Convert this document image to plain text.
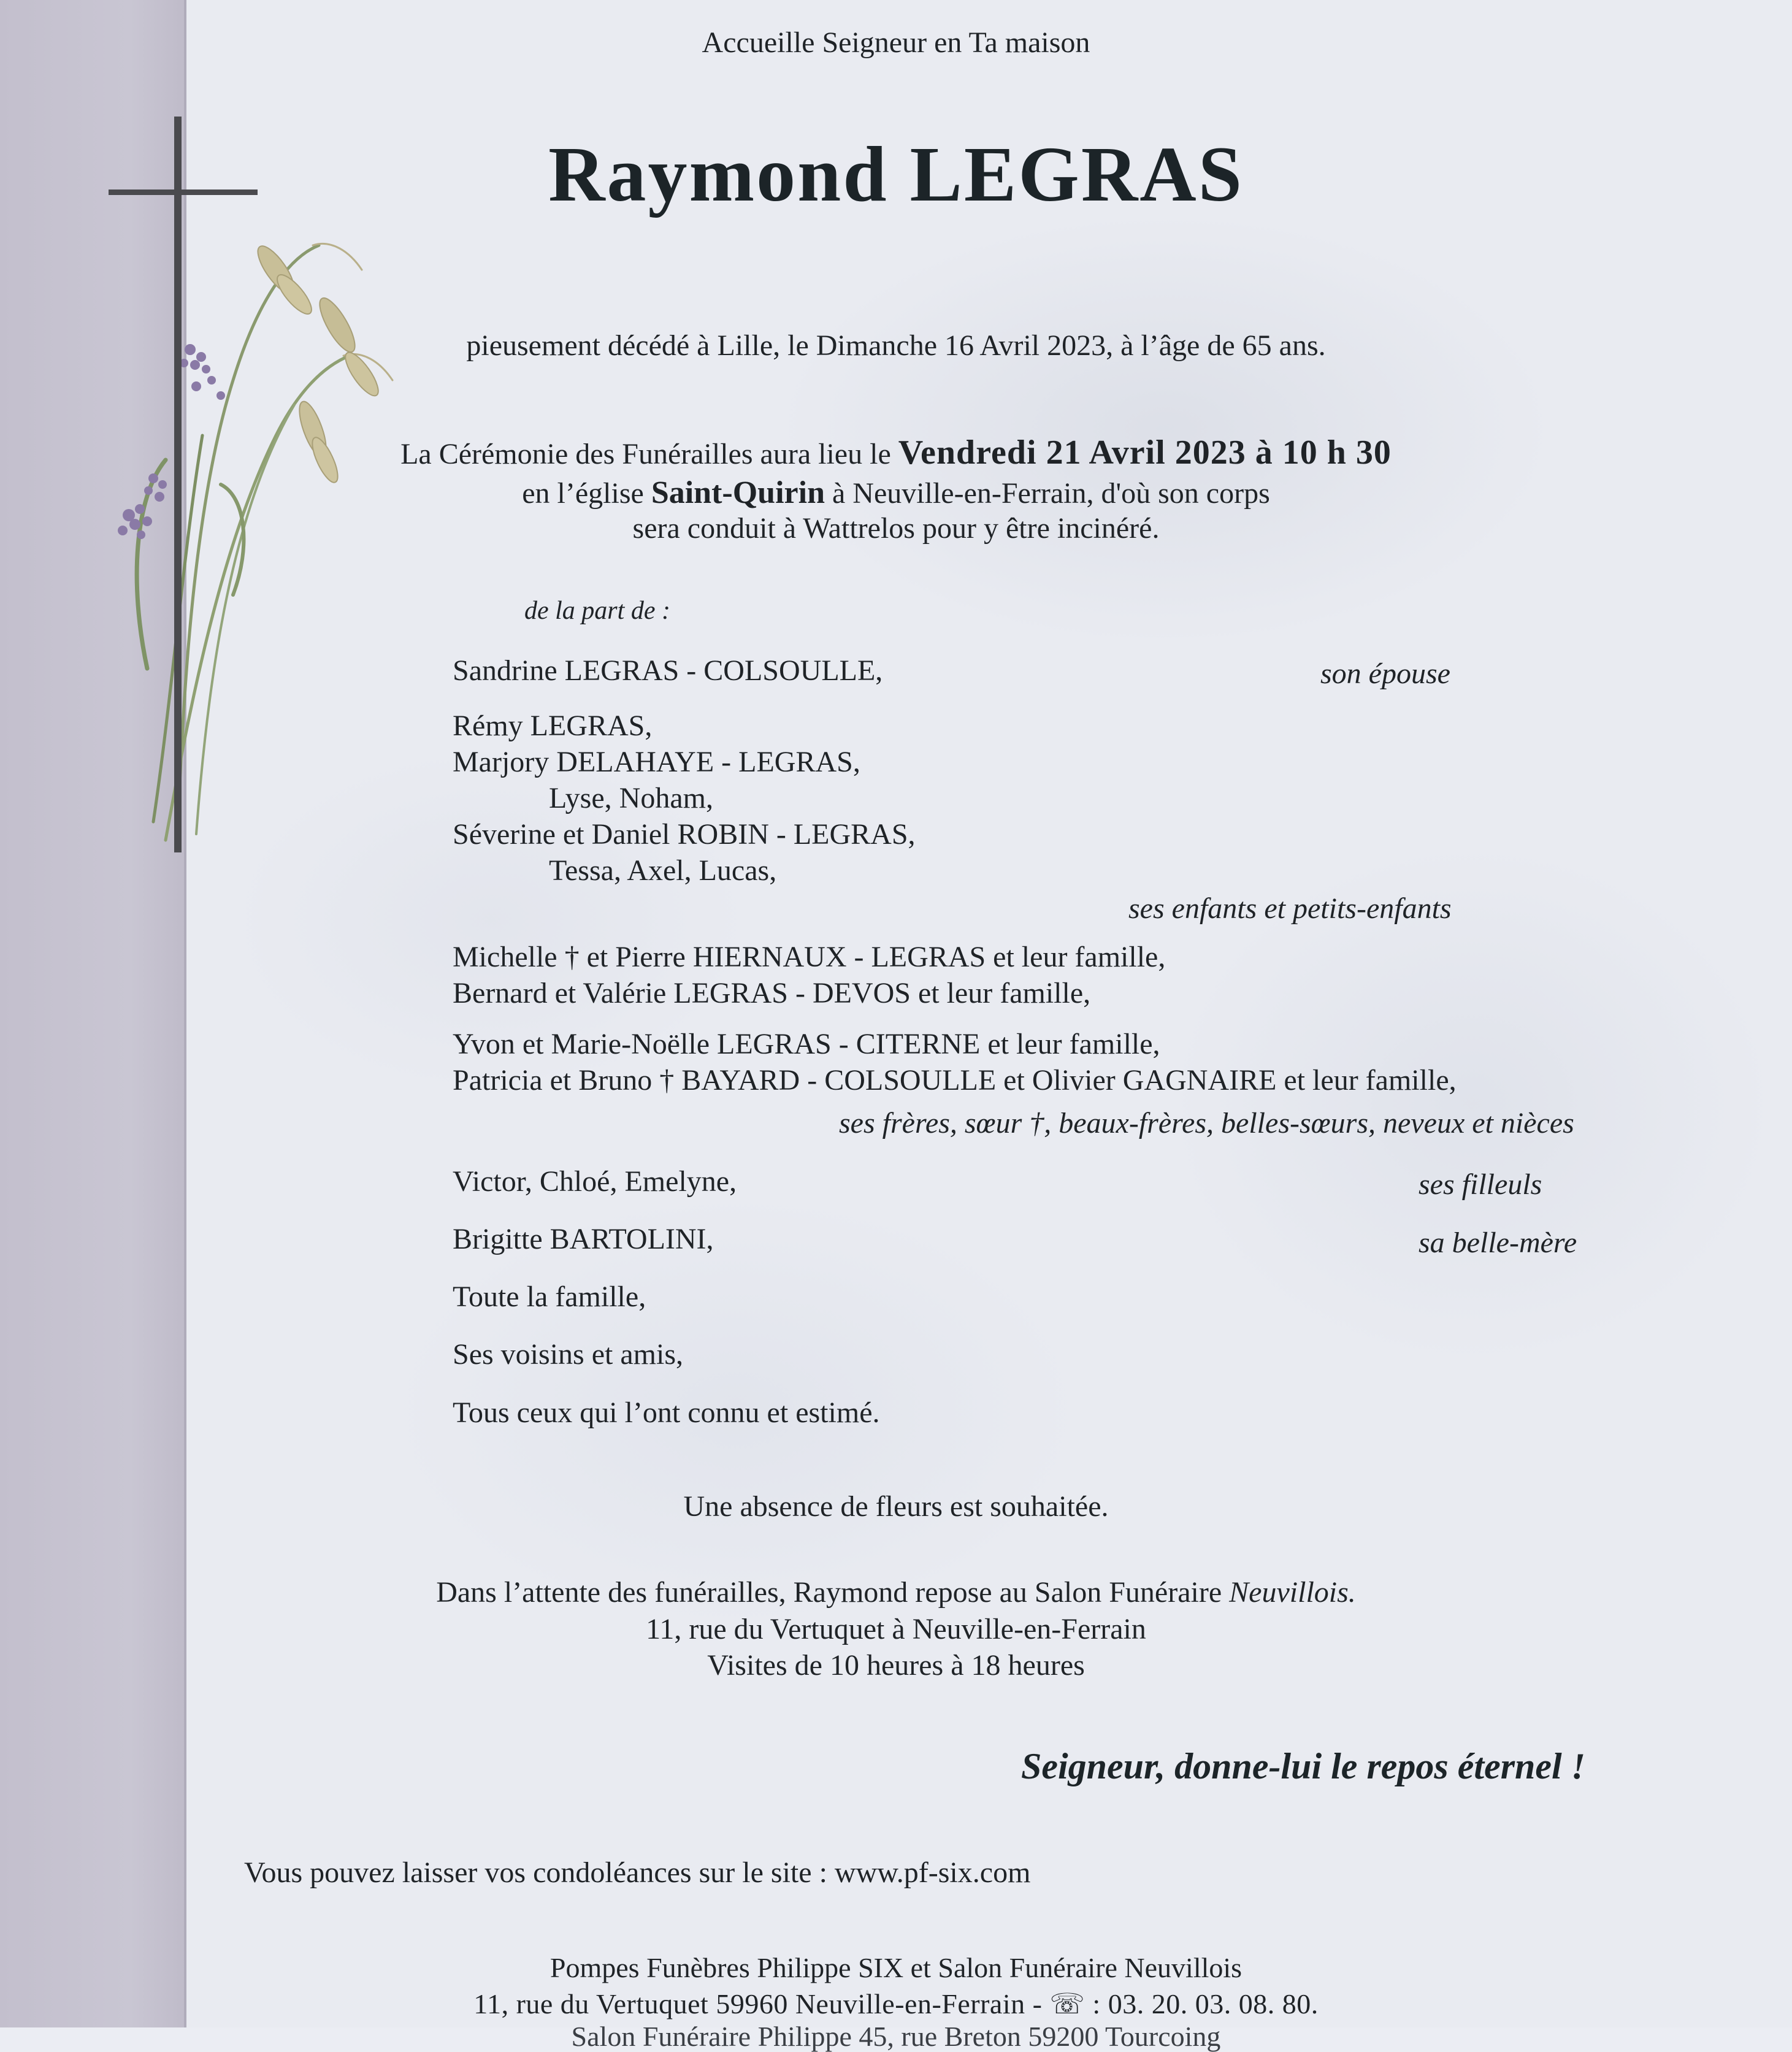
Accueille Seigneur en Ta maison
Raymond LEGRAS
pieusement décédé à Lille, le Dimanche 16 Avril 2023, à l’âge de 65 ans.
La Cérémonie des Funérailles aura lieu le Vendredi 21 Avril 2023 à 10 h 30
en l’église Saint-Quirin à Neuville-en-Ferrain, d'où son corps
sera conduit à Wattrelos pour y être incinéré.
de la part de :
Sandrine LEGRAS - COLSOULLE,	son épouse
Rémy LEGRAS,
Marjory DELAHAYE - LEGRAS,
Lyse, Noham,
Séverine et Daniel ROBIN - LEGRAS,
Tessa, Axel, Lucas,
ses enfants et petits-enfants
Michelle † et Pierre HIERNAUX - LEGRAS et leur famille,
Bernard et Valérie LEGRAS - DEVOS et leur famille,
Yvon et Marie-Noëlle LEGRAS - CITERNE et leur famille,
Patricia et Bruno † BAYARD - COLSOULLE et Olivier GAGNAIRE et leur famille,
ses frères, sœur †, beaux-frères, belles-sœurs, neveux et nièces
Victor, Chloé, Emelyne,	ses filleuls
Brigitte BARTOLINI,	sa belle-mère
Toute la famille,
Ses voisins et amis,
Tous ceux qui l’ont connu et estimé.
Une absence de fleurs est souhaitée.
Dans l’attente des funérailles, Raymond repose au Salon Funéraire Neuvillois.
11, rue du Vertuquet à Neuville-en-Ferrain
Visites de 10 heures à 18 heures
Seigneur, donne-lui le repos éternel !
Vous pouvez laisser vos condoléances sur le site : www.pf-six.com
Pompes Funèbres Philippe SIX et Salon Funéraire Neuvillois
11, rue du Vertuquet 59960 Neuville-en-Ferrain - ☏ : 03. 20. 03. 08. 80.
Salon Funéraire Philippe 45, rue Breton 59200 Tourcoing
